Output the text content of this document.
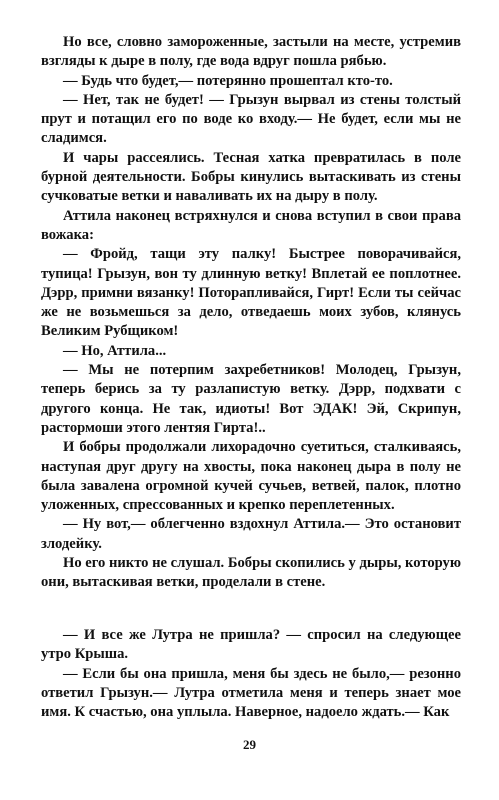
Но все, словно замороженные, застыли на месте, устремив взгляды к дыре в полу, где вода вдруг пошла рябью.

— Будь что будет,— потерянно прошептал кто-то.

— Нет, так не будет! — Грызун вырвал из стены толстый прут и потащил его по воде ко входу.— Не будет, если мы не сладимся.

И чары рассеялись. Тесная хатка превратилась в поле бурной деятельности. Бобры кинулись вытаскивать из стены сучковатые ветки и наваливать их на дыру в полу.

Аттила наконец встряхнулся и снова вступил в свои права вожака:

— Фройд, тащи эту палку! Быстрее поворачивайся, тупица! Грызун, вон ту длинную ветку! Вплетай ее поплотнее. Дэрр, примни вязанку! Поторапливайся, Гирт! Если ты сейчас же не возьмешься за дело, отведаешь моих зубов, клянусь Великим Рубщиком!

— Но, Аттила...

— Мы не потерпим захребетников! Молодец, Грызун, теперь берись за ту разлапистую ветку. Дэрр, подхвати с другого конца. Не так, идиоты! Вот ЭДАК! Эй, Скрипун, растормоши этого лентяя Гирта!..

И бобры продолжали лихорадочно суетиться, сталкиваясь, наступая друг другу на хвосты, пока наконец дыра в полу не была завалена огромной кучей сучьев, ветвей, палок, плотно уложенных, спрессованных и крепко переплетенных.

— Ну вот,— облегченно вздохнул Аттила.— Это остановит злодейку.

Но его никто не слушал. Бобры скопились у дыры, которую они, вытаскивая ветки, проделали в стене.

— И все же Лутра не пришла? — спросил на следующее утро Крыша.

— Если бы она пришла, меня бы здесь не было,— резонно ответил Грызун.— Лутра отметила меня и теперь знает мое имя. К счастью, она уплыла. Наверное, надоело ждать.— Как

29
